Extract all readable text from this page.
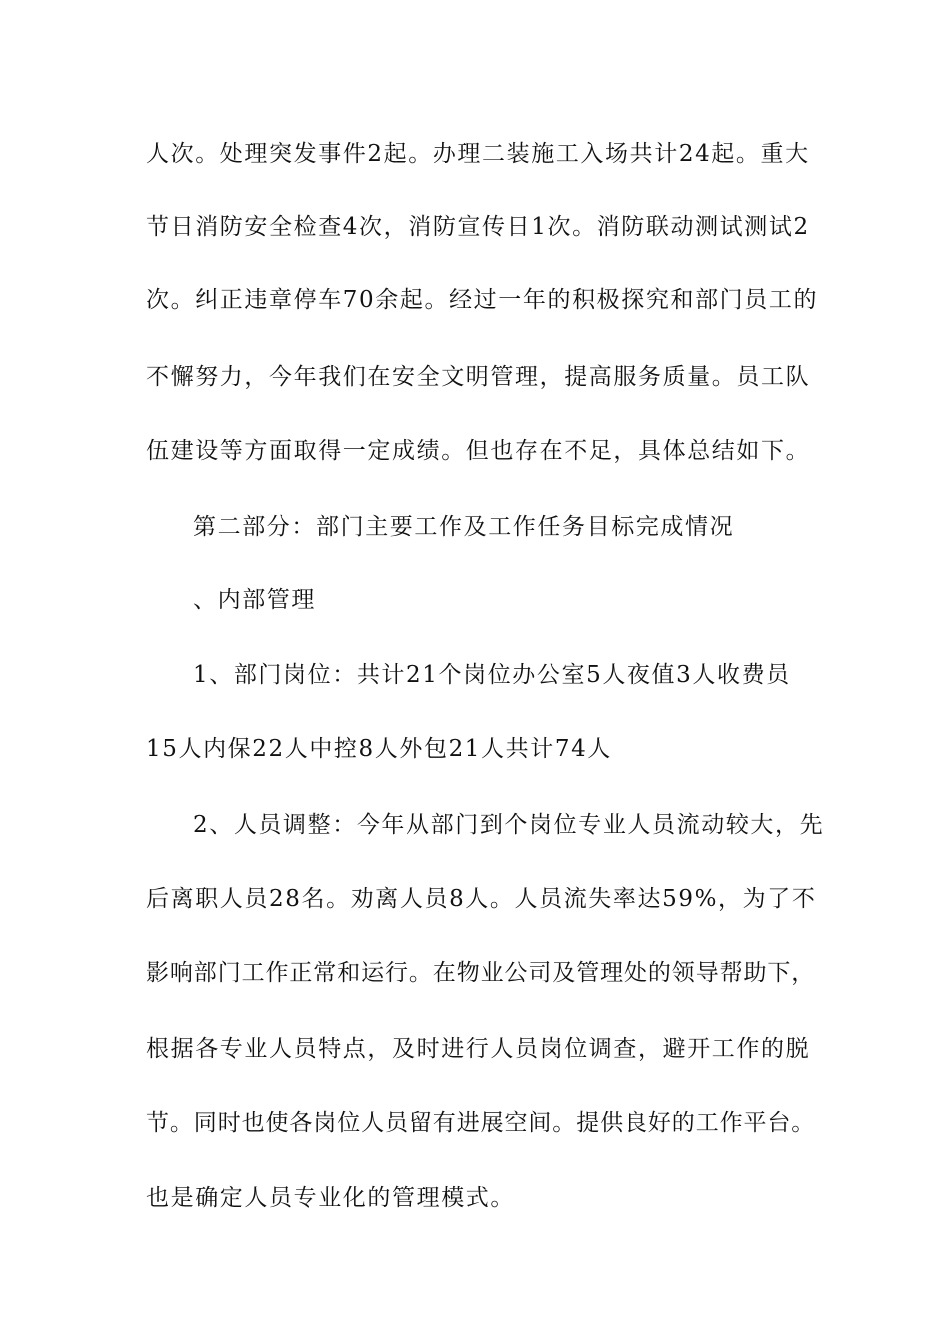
人次。处理突发事件2起。办理二装施工入场共计24起。重大
节日消防安全检查4次，消防宣传日1次。消防联动测试测试2
次。纠正违章停车70余起。经过一年的积极探究和部门员工的
不懈努力，今年我们在安全文明管理，提高服务质量。员工队
伍建设等方面取得一定成绩。但也存在不足，具体总结如下。
第二部分：部门主要工作及工作任务目标完成情况
、内部管理
1、部门岗位：共计21个岗位办公室5人夜值3人收费员
15人内保22人中控8人外包21人共计74人
2、人员调整：今年从部门到个岗位专业人员流动较大，先
后离职人员28名。劝离人员8人。人员流失率达59%，为了不
影响部门工作正常和运行。在物业公司及管理处的领导帮助下，
根据各专业人员特点，及时进行人员岗位调查，避开工作的脱
节。同时也使各岗位人员留有进展空间。提供良好的工作平台。
也是确定人员专业化的管理模式。
